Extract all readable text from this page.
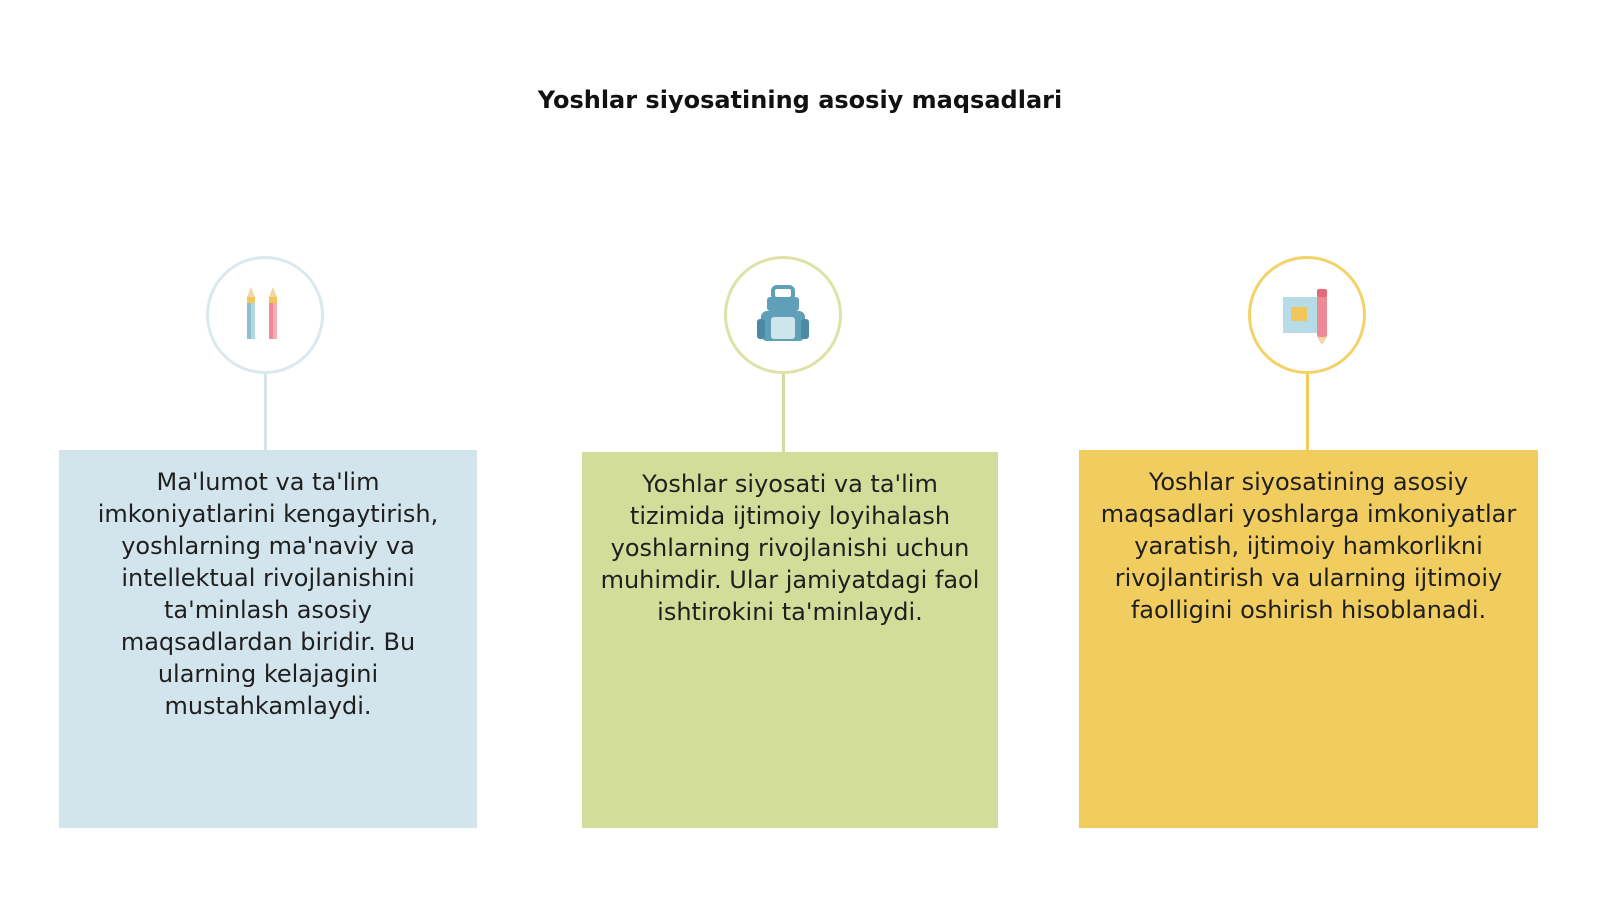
Yoshlar siyosatining asosiy maqsadlari
Ma'lumot va ta'lim imkoniyatlarini kengaytirish, yoshlarning ma'naviy va intellektual rivojlanishini ta'minlash asosiy maqsadlardan biridir. Bu ularning kelajagini mustahkamlaydi.
Yoshlar siyosati va ta'lim tizimida ijtimoiy loyihalash yoshlarning rivojlanishi uchun muhimdir. Ular jamiyatdagi faol ishtirokini ta'minlaydi.
Yoshlar siyosatining asosiy maqsadlari yoshlarga imkoniyatlar yaratish, ijtimoiy hamkorlikni rivojlantirish va ularning ijtimoiy faolligini oshirish hisoblanadi.
